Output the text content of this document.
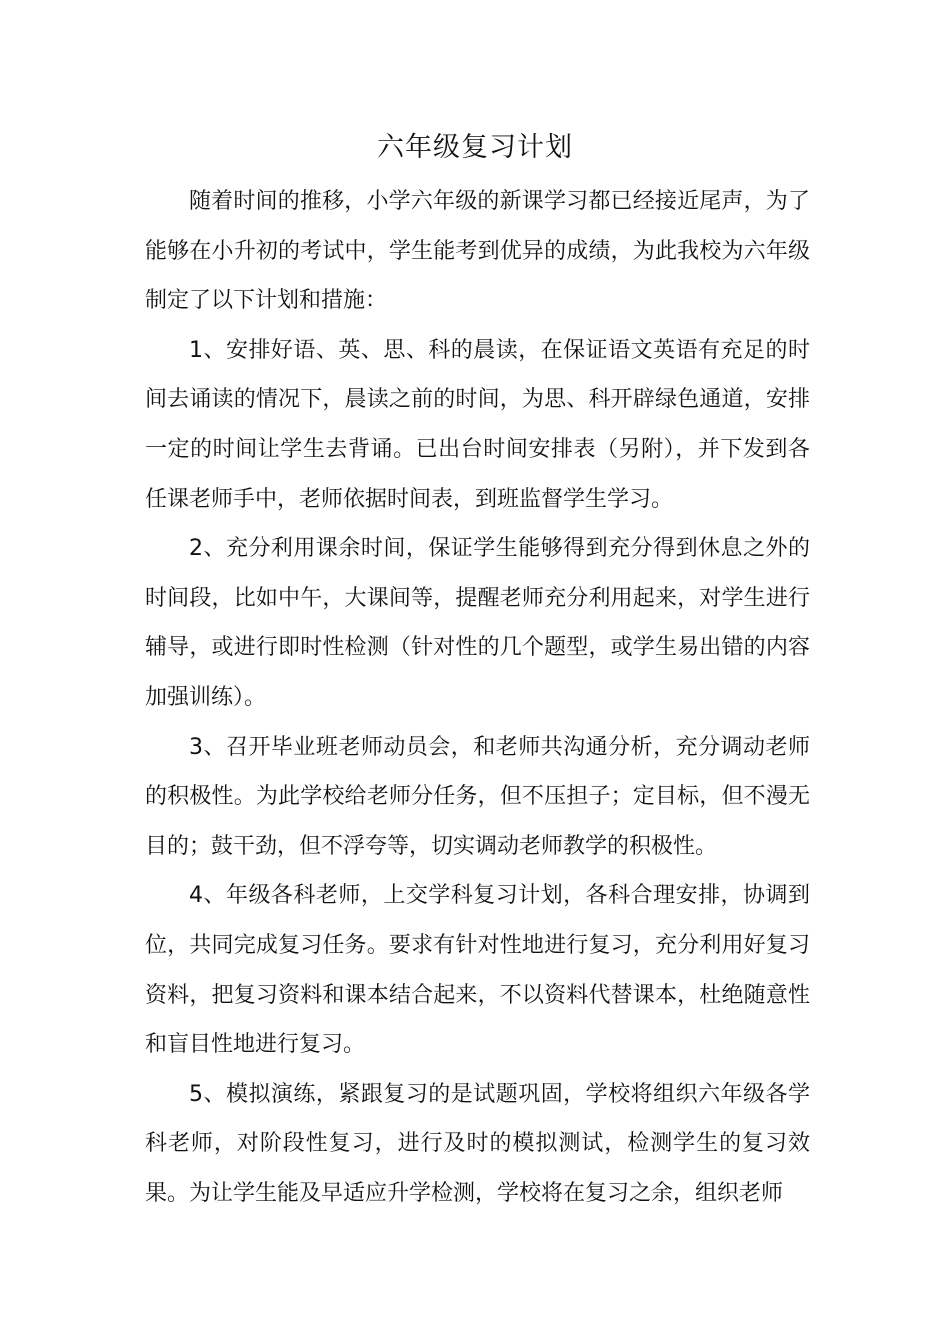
六年级复习计划

随着时间的推移，小学六年级的新课学习都已经接近尾声，为了能够在小升初的考试中，学生能考到优异的成绩，为此我校为六年级制定了以下计划和措施：

1、安排好语、英、思、科的晨读，在保证语文英语有充足的时间去诵读的情况下，晨读之前的时间，为思、科开辟绿色通道，安排一定的时间让学生去背诵。已出台时间安排表（另附），并下发到各任课老师手中，老师依据时间表，到班监督学生学习。

2、充分利用课余时间，保证学生能够得到充分得到休息之外的时间段，比如中午，大课间等，提醒老师充分利用起来，对学生进行辅导，或进行即时性检测（针对性的几个题型，或学生易出错的内容加强训练）。

3、召开毕业班老师动员会，和老师共沟通分析，充分调动老师的积极性。为此学校给老师分任务，但不压担子；定目标，但不漫无目的；鼓干劲，但不浮夸等，切实调动老师教学的积极性。

4、年级各科老师，上交学科复习计划，各科合理安排，协调到位，共同完成复习任务。要求有针对性地进行复习，充分利用好复习资料，把复习资料和课本结合起来，不以资料代替课本，杜绝随意性和盲目性地进行复习。

5、模拟演练，紧跟复习的是试题巩固，学校将组织六年级各学科老师，对阶段性复习，进行及时的模拟测试，检测学生的复习效果。为让学生能及早适应升学检测，学校将在复习之余，组织老师
